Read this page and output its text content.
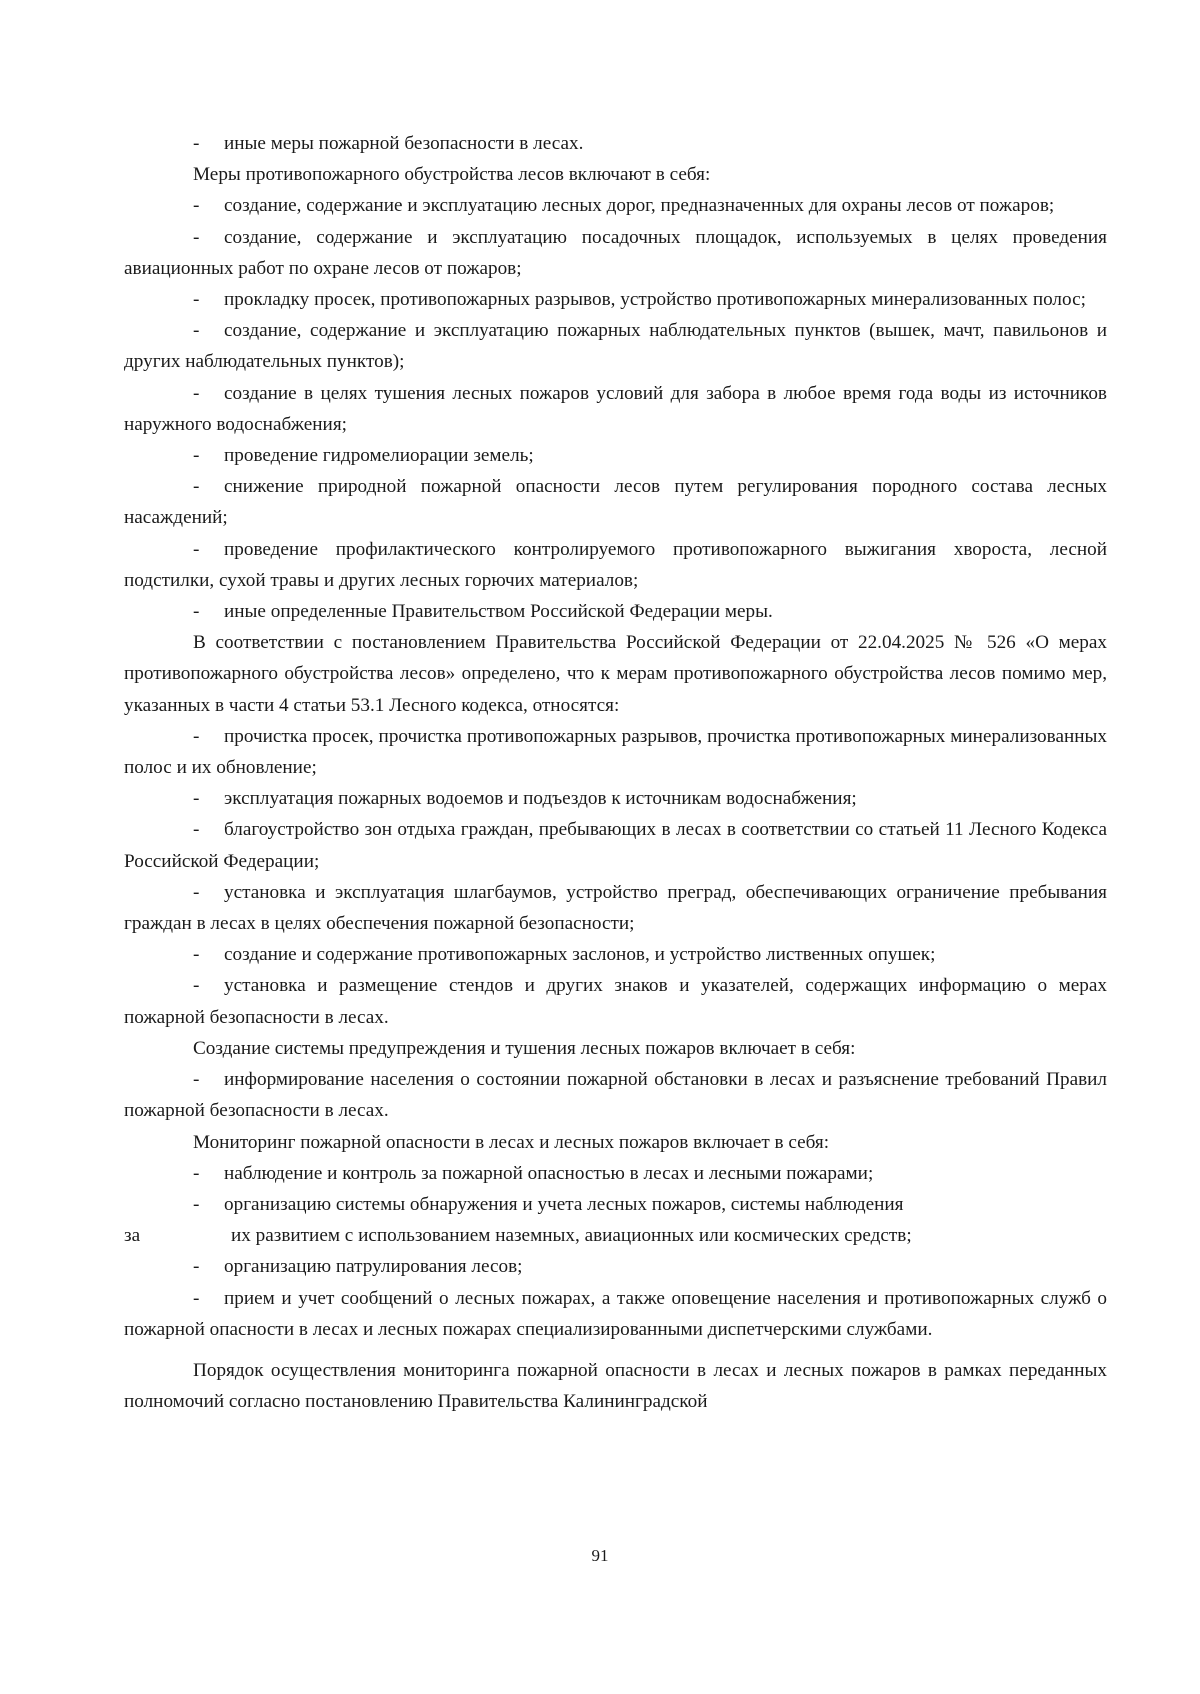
- иные меры пожарной безопасности в лесах.

Меры противопожарного обустройства лесов включают в себя:

- создание, содержание и эксплуатацию лесных дорог, предназначенных для охраны лесов от пожаров;

- создание, содержание и эксплуатацию посадочных площадок, используемых в целях проведения авиационных работ по охране лесов от пожаров;

- прокладку просек, противопожарных разрывов, устройство противопожарных минерализованных полос;

- создание, содержание и эксплуатацию пожарных наблюдательных пунктов (вышек, мачт, павильонов и других наблюдательных пунктов);

- создание в целях тушения лесных пожаров условий для забора в любое время года воды из источников наружного водоснабжения;

- проведение гидромелиорации земель;

- снижение природной пожарной опасности лесов путем регулирования породного состава лесных насаждений;

- проведение профилактического контролируемого противопожарного выжигания хвороста, лесной подстилки, сухой травы и других лесных горючих материалов;

- иные определенные Правительством Российской Федерации меры.

В соответствии с постановлением Правительства Российской Федерации от 22.04.2025 № 526 «О мерах противопожарного обустройства лесов» определено, что к мерам противопожарного обустройства лесов помимо мер, указанных в части 4 статьи 53.1 Лесного кодекса, относятся:

- прочистка просек, прочистка противопожарных разрывов, прочистка противопожарных минерализованных полос и их обновление;

- эксплуатация пожарных водоемов и подъездов к источникам водоснабжения;

- благоустройство зон отдыха граждан, пребывающих в лесах в соответствии со статьей 11 Лесного Кодекса Российской Федерации;

- установка и эксплуатация шлагбаумов, устройство преград, обеспечивающих ограничение пребывания граждан в лесах в целях обеспечения пожарной безопасности;

- создание и содержание противопожарных заслонов, и устройство лиственных опушек;

- установка и размещение стендов и других знаков и указателей, содержащих информацию о мерах пожарной безопасности в лесах.

Создание системы предупреждения и тушения лесных пожаров включает в себя:

- информирование населения о состоянии пожарной обстановки в лесах и разъяснение требований Правил пожарной безопасности в лесах.

Мониторинг пожарной опасности в лесах и лесных пожаров включает в себя:

- наблюдение и контроль за пожарной опасностью в лесах и лесными пожарами;

- организацию системы обнаружения и учета лесных пожаров, системы наблюдения

за	их развитием с использованием наземных, авиационных или космических средств;

- организацию патрулирования лесов;

- прием и учет сообщений о лесных пожарах, а также оповещение населения и противопожарных служб о пожарной опасности в лесах и лесных пожарах специализированными диспетчерскими службами.

Порядок осуществления мониторинга пожарной опасности в лесах и лесных пожаров в рамках переданных полномочий согласно постановлению Правительства Калининградской

91
